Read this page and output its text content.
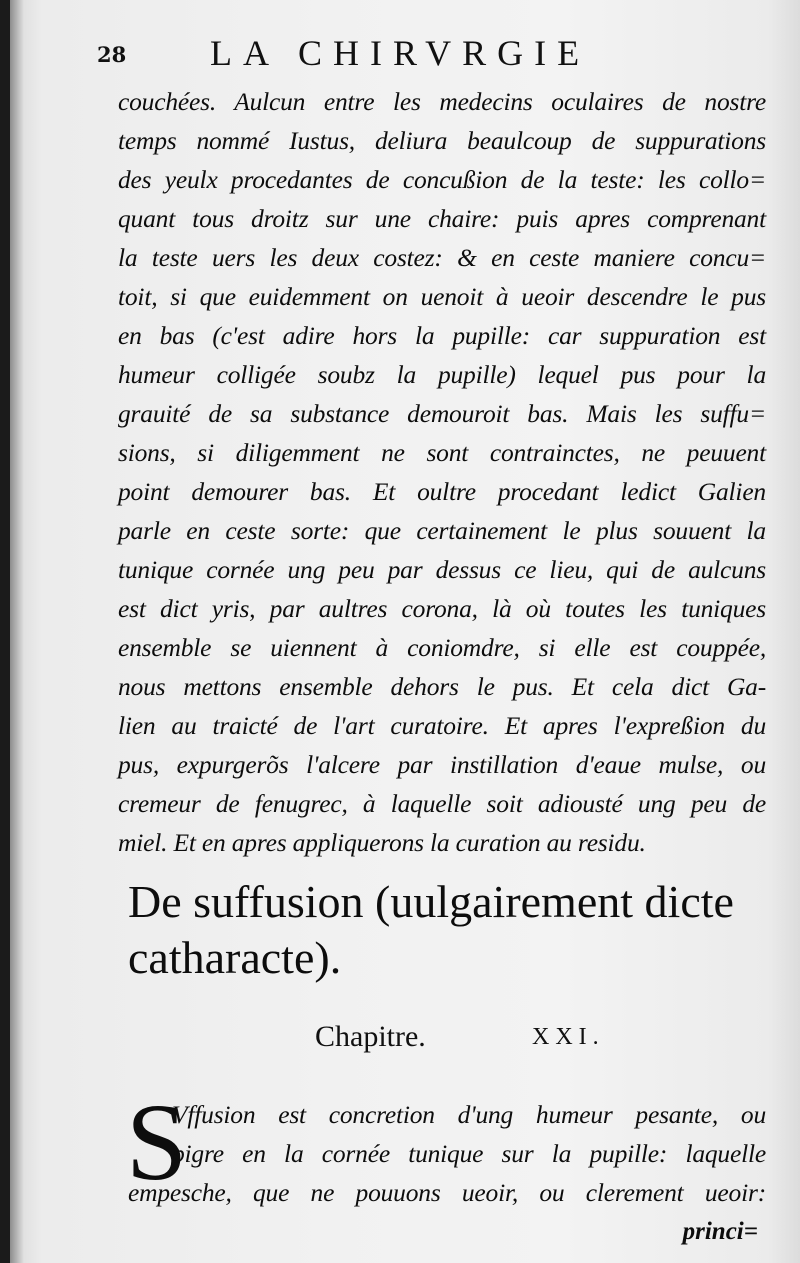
28 LA CHIRVRGIE
couchées. Aulcun entre les medecins oculaires de nostre
temps nommé Iustus, deliura beaulcoup de suppurations
des yeulx procedantes de concußion de la teste: les collo=
quant tous droitz sur une chaire: puis apres comprenant
la teste uers les deux costez: & en ceste maniere concu=
toit, si que euidemment on uenoit à ueoir descendre le pus
en bas (c'est adire hors la pupille: car suppuration est
humeur colligée soubz la pupille) lequel pus pour la
grauité de sa substance demouroit bas. Mais les suffu=
sions, si diligemment ne sont contrainctes, ne peuuent
point demourer bas. Et oultre procedant ledict Galien
parle en ceste sorte: que certainement le plus souuent la
tunique cornée ung peu par dessus ce lieu, qui de aulcuns
est dict yris, par aultres corona, là où toutes les tuniques
ensemble se uiennent à coniomdre, si elle est couppée,
nous mettons ensemble dehors le pus. Et cela dict Ga-
lien au traicté de l'art curatoire. Et apres l'expreßion du
pus, expurgerõs l'alcere par instillation d'eaue mulse, ou
cremeur de fenugrec, à laquelle soit adiousté ung peu de
miel. Et en apres appliquerons la curation au residu.
De suffusion (uulgairement dicte
catharacte).
Chapitre.	XXI.
S
Vffusion est concretion d'ung humeur pesante, ou
pigre en la cornée tunique sur la pupille: laquelle
empesche, que ne pouuons ueoir, ou clerement ueoir:
princi=
